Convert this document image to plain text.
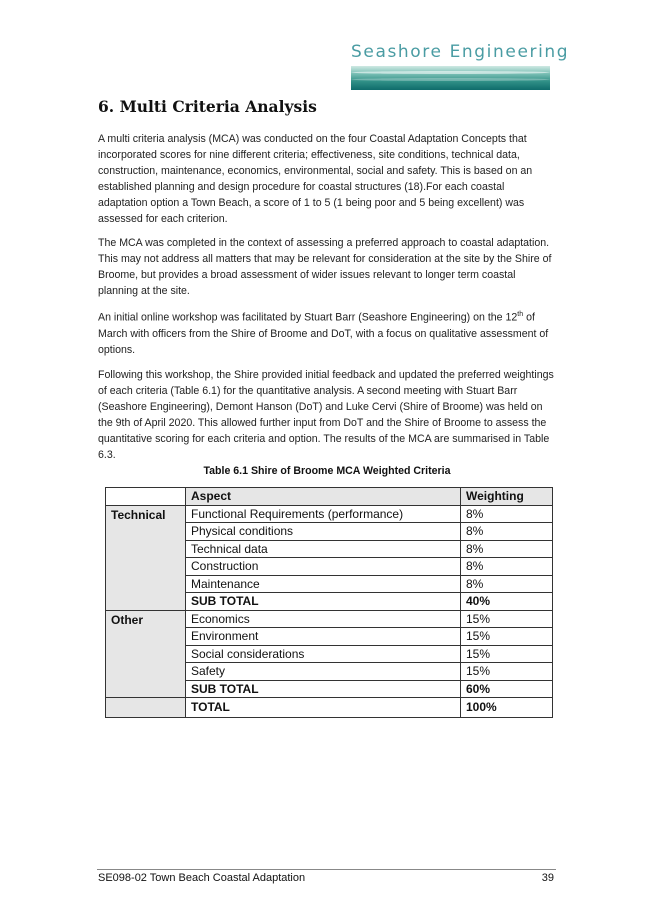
Seashore Engineering
6. Multi Criteria Analysis

A multi criteria analysis (MCA) was conducted on the four Coastal Adaptation Concepts that incorporated scores for nine different criteria; effectiveness, site conditions, technical data, construction, maintenance, economics, environmental, social and safety. This is based on an established planning and design procedure for coastal structures (18).For each coastal adaptation option a Town Beach, a score of 1 to 5 (1 being poor and 5 being excellent) was assessed for each criterion.

The MCA was completed in the context of assessing a preferred approach to coastal adaptation. This may not address all matters that may be relevant for consideration at the site by the Shire of Broome, but provides a broad assessment of wider issues relevant to longer term coastal planning at the site.

An initial online workshop was facilitated by Stuart Barr (Seashore Engineering) on the 12th of March with officers from the Shire of Broome and DoT, with a focus on qualitative assessment of options.

Following this workshop, the Shire provided initial feedback and updated the preferred weightings of each criteria (Table 6.1) for the quantitative analysis. A second meeting with Stuart Barr (Seashore Engineering), Demont Hanson (DoT) and Luke Cervi (Shire of Broome) was held on the 9th of April 2020. This allowed further input from DoT and the Shire of Broome to assess the quantitative scoring for each criteria and option. The results of the MCA are summarised in Table 6.3.

Table 6.1 Shire of Broome MCA Weighted Criteria
	Aspect	Weighting
Technical	Functional Requirements (performance)	8%
	Physical conditions	8%
	Technical data	8%
	Construction	8%
	Maintenance	8%
	SUB TOTAL	40%
Other	Economics	15%
	Environment	15%
	Social considerations	15%
	Safety	15%
	SUB TOTAL	60%
	TOTAL	100%
SE098-02 Town Beach Coastal Adaptation	39
